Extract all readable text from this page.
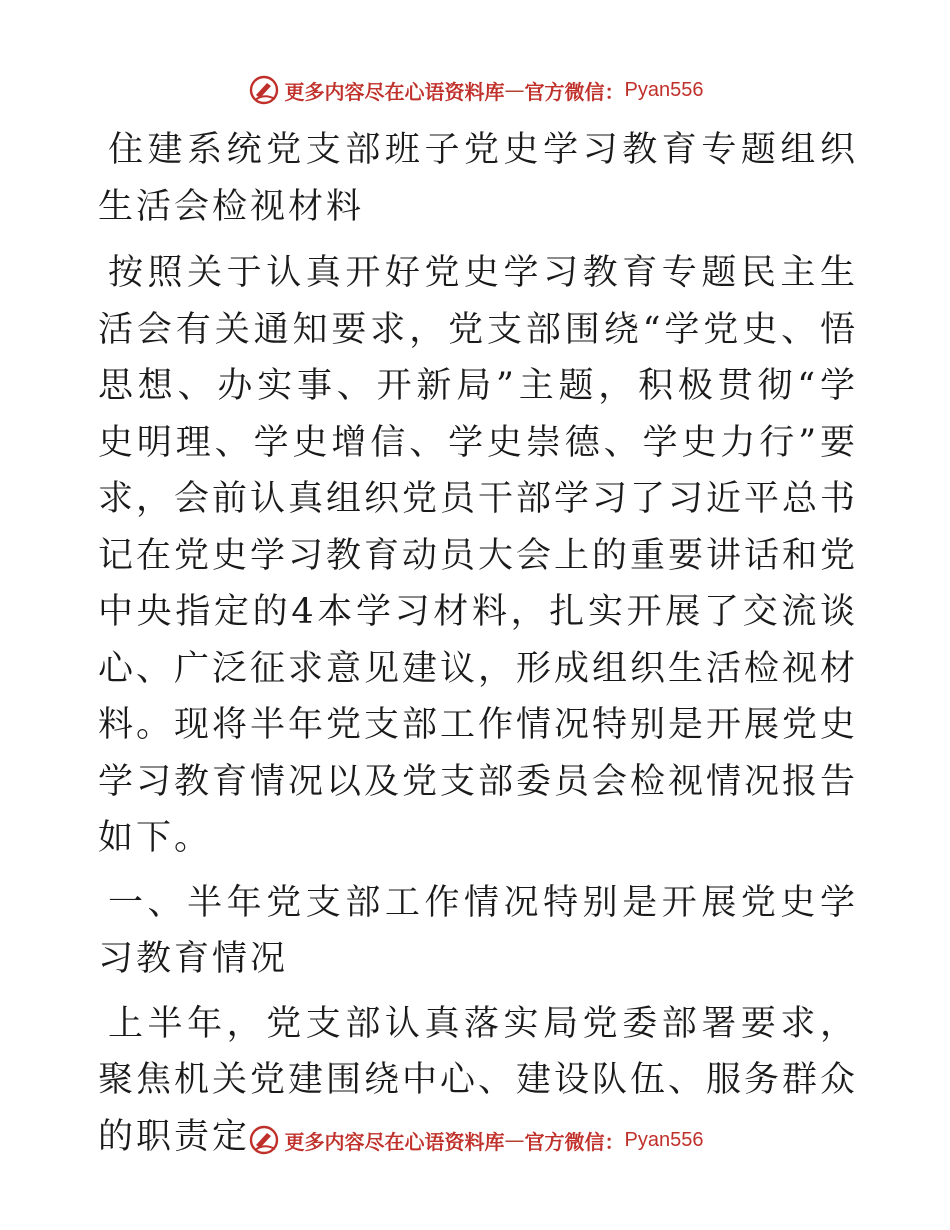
更多内容尽在心语资料库 — 官方微信： Pyan556

住建系统党支部班子党史学习教育专题组织生活会检视材料

按照关于认真开好党史学习教育专题民主生活会有关通知要求，党支部围绕“学党史、悟思想、办实事、开新局”主题，积极贯彻“学史明理、学史增信、学史崇德、学史力行”要求，会前认真组织党员干部学习了习近平总书记在党史学习教育动员大会上的重要讲话和党中央指定的4本学习材料，扎实开展了交流谈心、广泛征求意见建议，形成组织生活检视材料。现将半年党支部工作情况特别是开展党史学习教育情况以及党支部委员会检视情况报告如下。

一、半年党支部工作情况特别是开展党史学习教育情况

上半年，党支部认真落实局党委部署要求，聚焦机关党建围绕中心、建设队伍、服务群众的职责定	更多内容尽在心语资料库 — 官方微信： Pyan556
